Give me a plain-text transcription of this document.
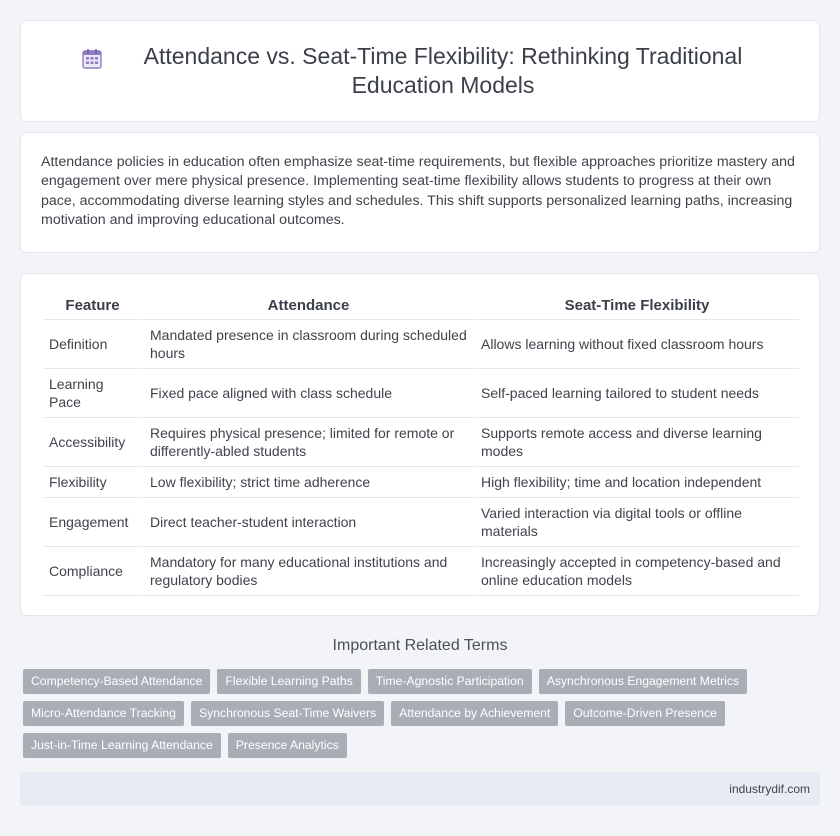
Attendance vs. Seat-Time Flexibility: Rethinking Traditional Education Models

Attendance policies in education often emphasize seat-time requirements, but flexible approaches prioritize mastery and engagement over mere physical presence. Implementing seat-time flexibility allows students to progress at their own pace, accommodating diverse learning styles and schedules. This shift supports personalized learning paths, increasing motivation and improving educational outcomes.

Feature	Attendance	Seat-Time Flexibility
Definition	Mandated presence in classroom during scheduled hours	Allows learning without fixed classroom hours
Learning Pace	Fixed pace aligned with class schedule	Self-paced learning tailored to student needs
Accessibility	Requires physical presence; limited for remote or differently-abled students	Supports remote access and diverse learning modes
Flexibility	Low flexibility; strict time adherence	High flexibility; time and location independent
Engagement	Direct teacher-student interaction	Varied interaction via digital tools or offline materials
Compliance	Mandatory for many educational institutions and regulatory bodies	Increasingly accepted in competency-based and online education models
Important Related Terms
Competency-Based Attendance	Flexible Learning Paths	Time-Agnostic Participation	Asynchronous Engagement Metrics
Micro-Attendance Tracking	Synchronous Seat-Time Waivers	Attendance by Achievement	Outcome-Driven Presence
Just-in-Time Learning Attendance	Presence Analytics
industrydif.com
